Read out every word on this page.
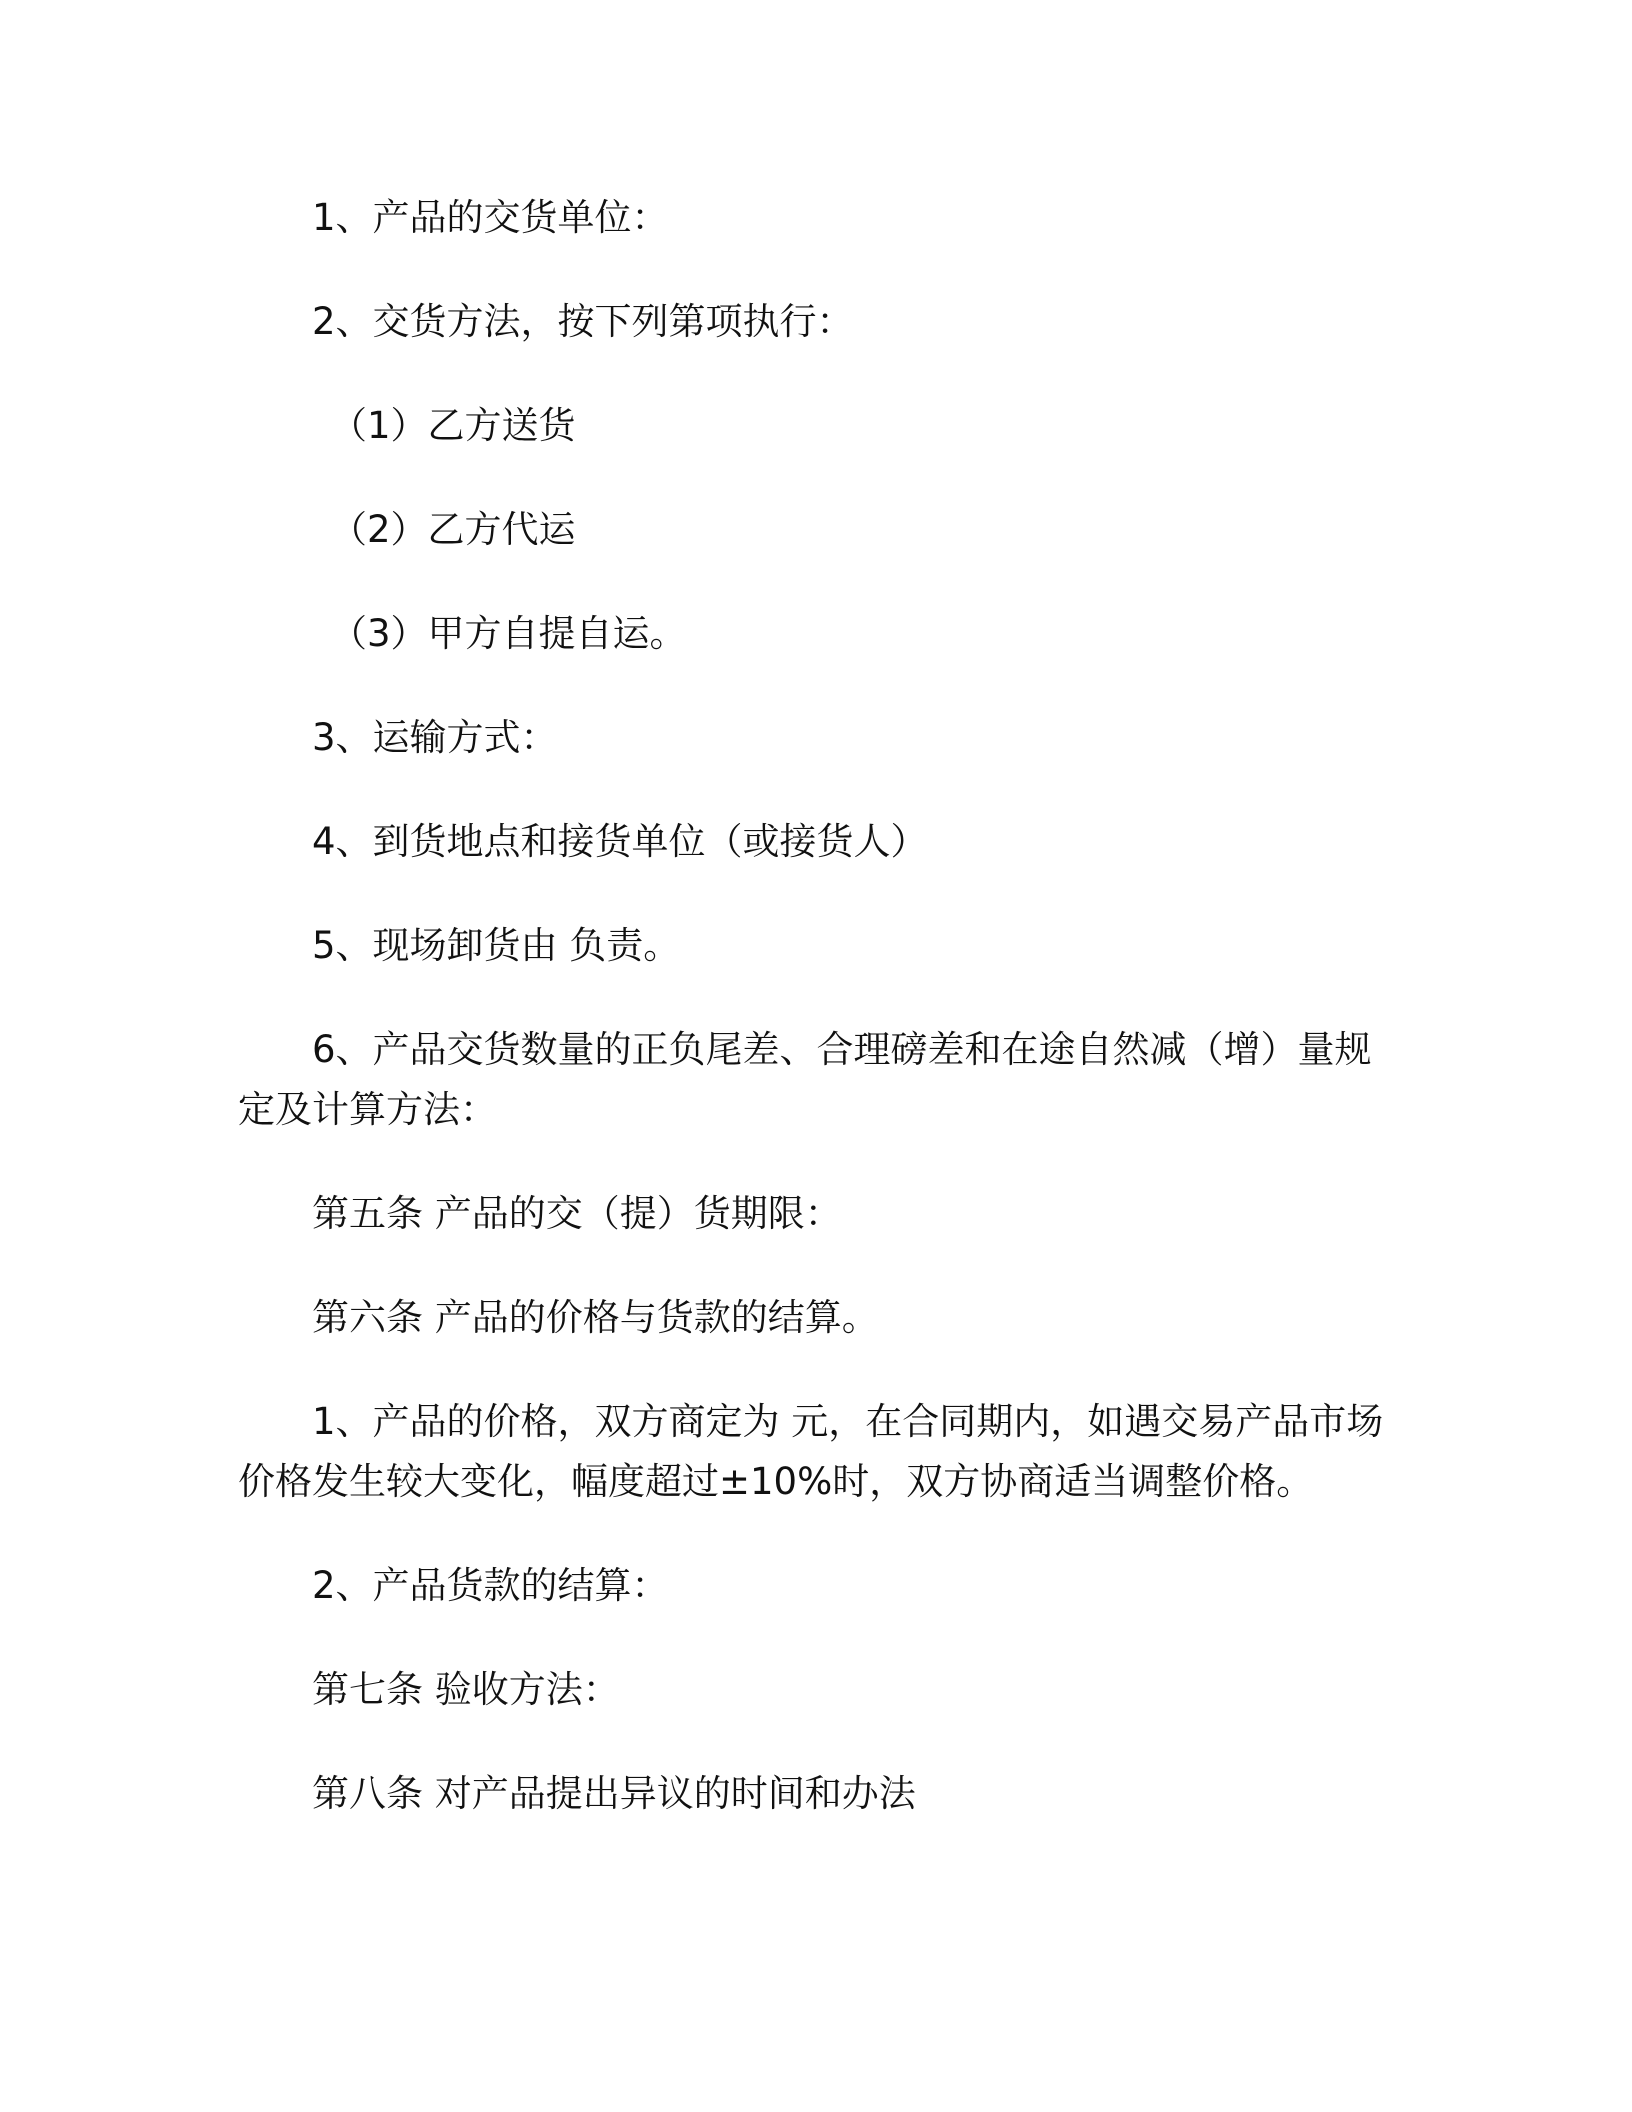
1、产品的交货单位：

2、交货方法，按下列第项执行：

（1）乙方送货

（2）乙方代运

（3）甲方自提自运。

3、运输方式：

4、到货地点和接货单位（或接货人）

5、现场卸货由 负责。

6、产品交货数量的正负尾差、合理磅差和在途自然减（增）量规定及计算方法：

第五条 产品的交（提）货期限：

第六条 产品的价格与货款的结算。

1、产品的价格，双方商定为 元，在合同期内，如遇交易产品市场价格发生较大变化，幅度超过±10%时，双方协商适当调整价格。

2、产品货款的结算：

第七条 验收方法：

第八条 对产品提出异议的时间和办法
